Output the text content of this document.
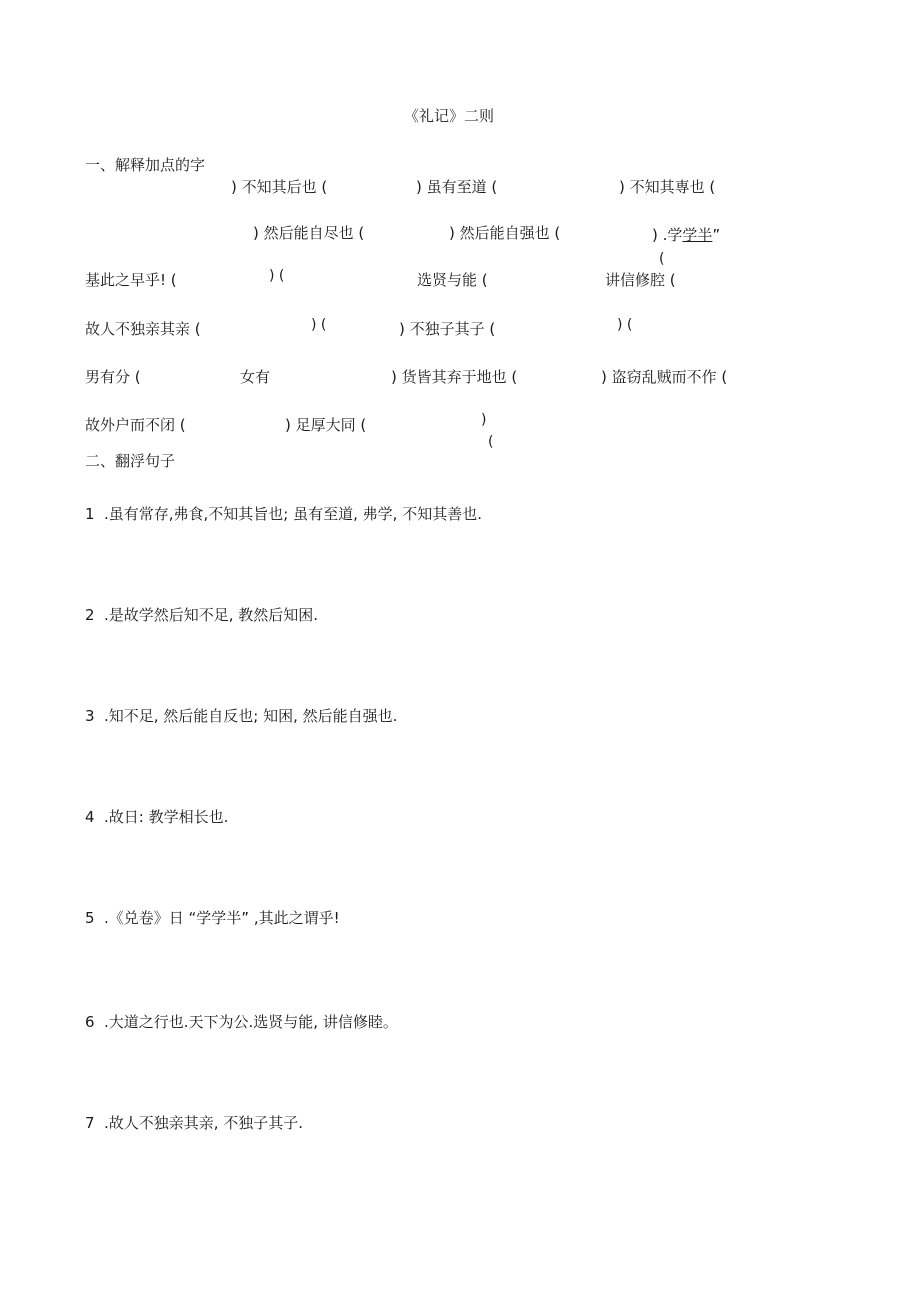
《礼记》二则
一、解释加点的字
) 不知其后也 (	) 虽有至道 (	) 不知其専也 (
) 然后能自尽也 (	) 然后能自强也 (	) .学学半”
(
基此之早乎! (	) (	选贤与能 (	讲信修腔 (
故人不独亲其亲 (	) (	) 不独子其子 (	) (
男有分 (	女有	) 货皆其弃于地也 (	) 盗窃乱贼而不作 (
故外户而不闭 (	) 足厚大同 (	)
(
二、翻浮句子
1 .虽有常存,弗食,不知其旨也; 虽有至道, 弗学, 不知其善也.
2 .是故学然后知不足, 教然后知困.
3 .知不足, 然后能自反也; 知困, 然后能自强也.
4 .故日: 教学相长也.
5 .《兑卷》日 “学学半” ,其此之谓乎!
6 .大道之行也.天下为公.选贤与能, 讲信修睦。
7 .故人不独亲其亲, 不独子其子.
